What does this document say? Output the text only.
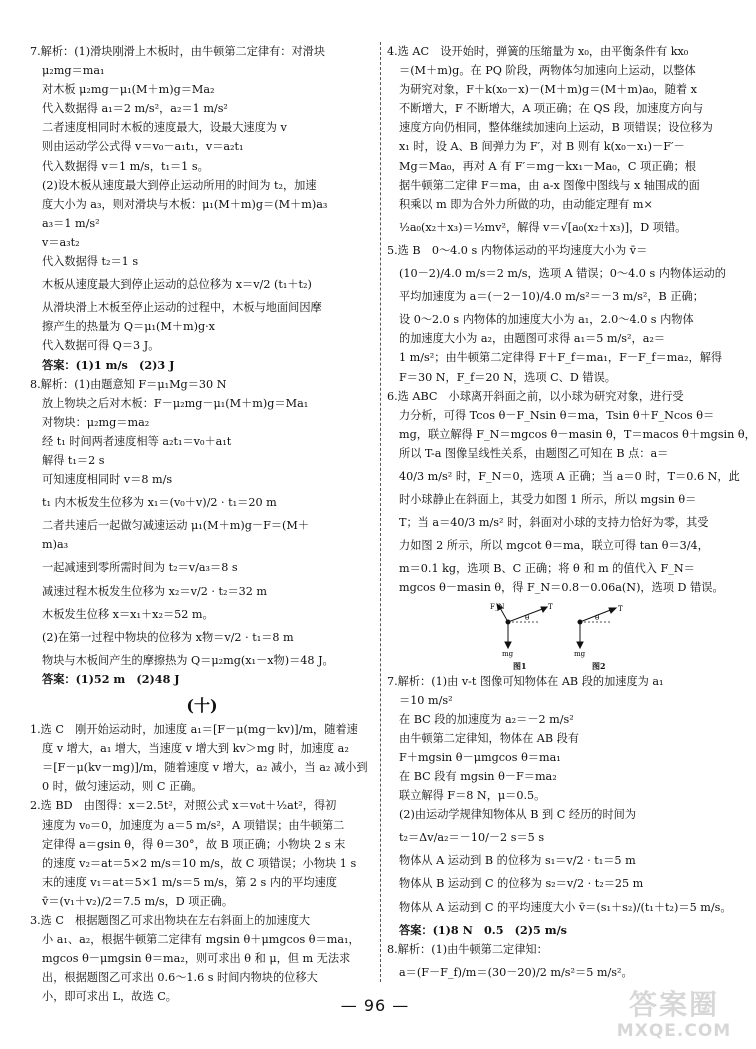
7.解析：(1)滑块刚滑上木板时，由牛顿第二定律有：对滑块
μ₂mg＝ma₁
对木板 μ₂mg－μ₁(M＋m)g＝Ma₂
代入数据得 a₁＝2 m/s²，a₂＝1 m/s²
二者速度相同时木板的速度最大，设最大速度为 v
则由运动学公式得 v＝v₀－a₁t₁，v＝a₂t₁
代入数据得 v＝1 m/s，t₁＝1 s。
(2)设木板从速度最大到停止运动所用的时间为 t₂，加速
度大小为 a₃，则对滑块与木板：μ₁(M＋m)g＝(M＋m)a₃
a₃＝1 m/s²
v＝a₃t₂
代入数据得 t₂＝1 s
木板从速度最大到停止运动的总位移为 x＝v/2 (t₁＋t₂)
从滑块滑上木板至停止运动的过程中，木板与地面间因摩
擦产生的热量为 Q＝μ₁(M＋m)g·x
代入数据可得 Q＝3 J。
答案：(1)1 m/s　(2)3 J
8.解析：(1)由题意知 F＝μ₁Mg＝30 N
放上物块之后对木板：F－μ₂mg－μ₁(M＋m)g＝Ma₁
对物块：μ₂mg＝ma₂
经 t₁ 时间两者速度相等 a₂t₁＝v₀＋a₁t
解得 t₁＝2 s
可知速度相同时 v＝8 m/s
t₁ 内木板发生位移为 x₁＝(v₀＋v)/2 · t₁＝20 m
二者共速后一起做匀减速运动 μ₁(M＋m)g－F＝(M＋
m)a₃
一起减速到零所需时间为 t₂＝v/a₃＝8 s
减速过程木板发生位移为 x₂＝v/2 · t₂＝32 m
木板发生位移 x＝x₁＋x₂＝52 m。
(2)在第一过程中物块的位移为 x物＝v/2 · t₁＝8 m
物块与木板间产生的摩擦热为 Q＝μ₂mg(x₁－x物)＝48 J。
答案：(1)52 m　(2)48 J
(十)
1.选 C　刚开始运动时，加速度 a₁＝[F－μ(mg－kv)]/m，随着速
度 v 增大，a₁ 增大，当速度 v 增大到 kv＞mg 时，加速度 a₂
＝[F－μ(kv－mg)]/m，随着速度 v 增大，a₂ 减小，当 a₂ 减小到
0 时，做匀速运动，则 C 正确。
2.选 BD　由图得：x＝2.5t²，对照公式 x＝v₀t＋½at²，得初
速度为 v₀＝0，加速度为 a＝5 m/s²，A 项错误；由牛顿第二
定律得 a＝gsin θ，得 θ＝30°，故 B 项正确；小物块 2 s 末
的速度 v₂＝at＝5×2 m/s＝10 m/s，故 C 项错误；小物块 1 s
末的速度 v₁＝at＝5×1 m/s＝5 m/s，第 2 s 内的平均速度
v̄＝(v₁＋v₂)/2＝7.5 m/s，D 项正确。
3.选 C　根据题图乙可求出物块在左右斜面上的加速度大
小 a₁、a₂，根据牛顿第二定律有 mgsin θ＋μmgcos θ＝ma₁，
mgcos θ－μmgsin θ＝ma₂，则可求出 θ 和 μ，但 m 无法求
出，根据题图乙可求出 0.6～1.6 s 时间内物块的位移大
小，即可求出 L，故选 C。
4.选 AC　设开始时，弹簧的压缩量为 x₀，由平衡条件有 kx₀
＝(M＋m)g。在 PQ 阶段，两物体匀加速向上运动，以整体
为研究对象，F＋k(x₀－x)－(M＋m)g＝(M＋m)a₀，随着 x
不断增大，F 不断增大，A 项正确；在 QS 段，加速度方向与
速度方向仍相同，整体继续加速向上运动，B 项错误；设位移为
x₁ 时，设 A、B 间弹力为 F′，对 B 则有 k(x₀－x₁)－F′－
Mg＝Ma₀，再对 A 有 F′＝mg－kx₁－Ma₀，C 项正确；根
据牛顿第二定律 F＝ma，由 a-x 图像中图线与 x 轴围成的面
积乘以 m 即为合外力所做的功，由动能定理有 m×
½a₀(x₂＋x₃)＝½mv²，解得 v＝√[a₀(x₂＋x₃)]，D 项错。
5.选 B　0～4.0 s 内物体运动的平均速度大小为 v̄＝
(10－2)/4.0 m/s＝2 m/s，选项 A 错误；0～4.0 s 内物体运动的
平均加速度为 a＝(－2－10)/4.0 m/s²＝－3 m/s²，B 正确；
设 0～2.0 s 内物体的加速度大小为 a₁，2.0～4.0 s 内物体
的加速度大小为 a₂，由题图可求得 a₁＝5 m/s²，a₂＝
1 m/s²；由牛顿第二定律得 F＋F_f＝ma₁，F－F_f＝ma₂，解得
F＝30 N，F_f＝20 N，选项 C、D 错误。
6.选 ABC　小球离开斜面之前，以小球为研究对象，进行受
力分析，可得 Tcos θ－F_Nsin θ＝ma，Tsin θ＋F_Ncos θ＝
mg，联立解得 F_N＝mgcos θ－masin θ，T＝macos θ＋mgsin θ，
所以 T-a 图像呈线性关系，由题图乙可知在 B 点：a＝
40/3 m/s² 时，F_N＝0，选项 A 正确；当 a＝0 时，T＝0.6 N，此
时小球静止在斜面上，其受力如图 1 所示，所以 mgsin θ＝
T；当 a＝40/3 m/s² 时，斜面对小球的支持力恰好为零，其受
力如图 2 所示，所以 mgcot θ＝ma，联立可得 tan θ＝3/4，
m＝0.1 kg，选项 B、C 正确；将 θ 和 m 的值代入 F_N＝
mgcos θ－masin θ，得 F_N＝0.8－0.06a(N)，选项 D 错误。
F_N	T
θ
mg
T
θ
mg
图1	图2
7.解析：(1)由 v-t 图像可知物体在 AB 段的加速度为 a₁
＝10 m/s²
在 BC 段的加速度为 a₂＝－2 m/s²
由牛顿第二定律知，物体在 AB 段有
F＋mgsin θ－μmgcos θ＝ma₁
在 BC 段有 mgsin θ－F＝ma₂
联立解得 F＝8 N，μ＝0.5。
(2)由运动学规律知物体从 B 到 C 经历的时间为
t₂＝Δv/a₂＝－10/－2 s＝5 s
物体从 A 运动到 B 的位移为 s₁＝v/2 · t₁＝5 m
物体从 B 运动到 C 的位移为 s₂＝v/2 · t₂＝25 m
物体从 A 运动到 C 的平均速度大小 v̄＝(s₁＋s₂)/(t₁＋t₂)＝5 m/s。
答案：(1)8 N　0.5　(2)5 m/s
8.解析：(1)由牛顿第二定律知：
a＝(F－F_f)/m＝(30－20)/2 m/s²＝5 m/s²。
— 96 —	答案圈
MXQE.COM
